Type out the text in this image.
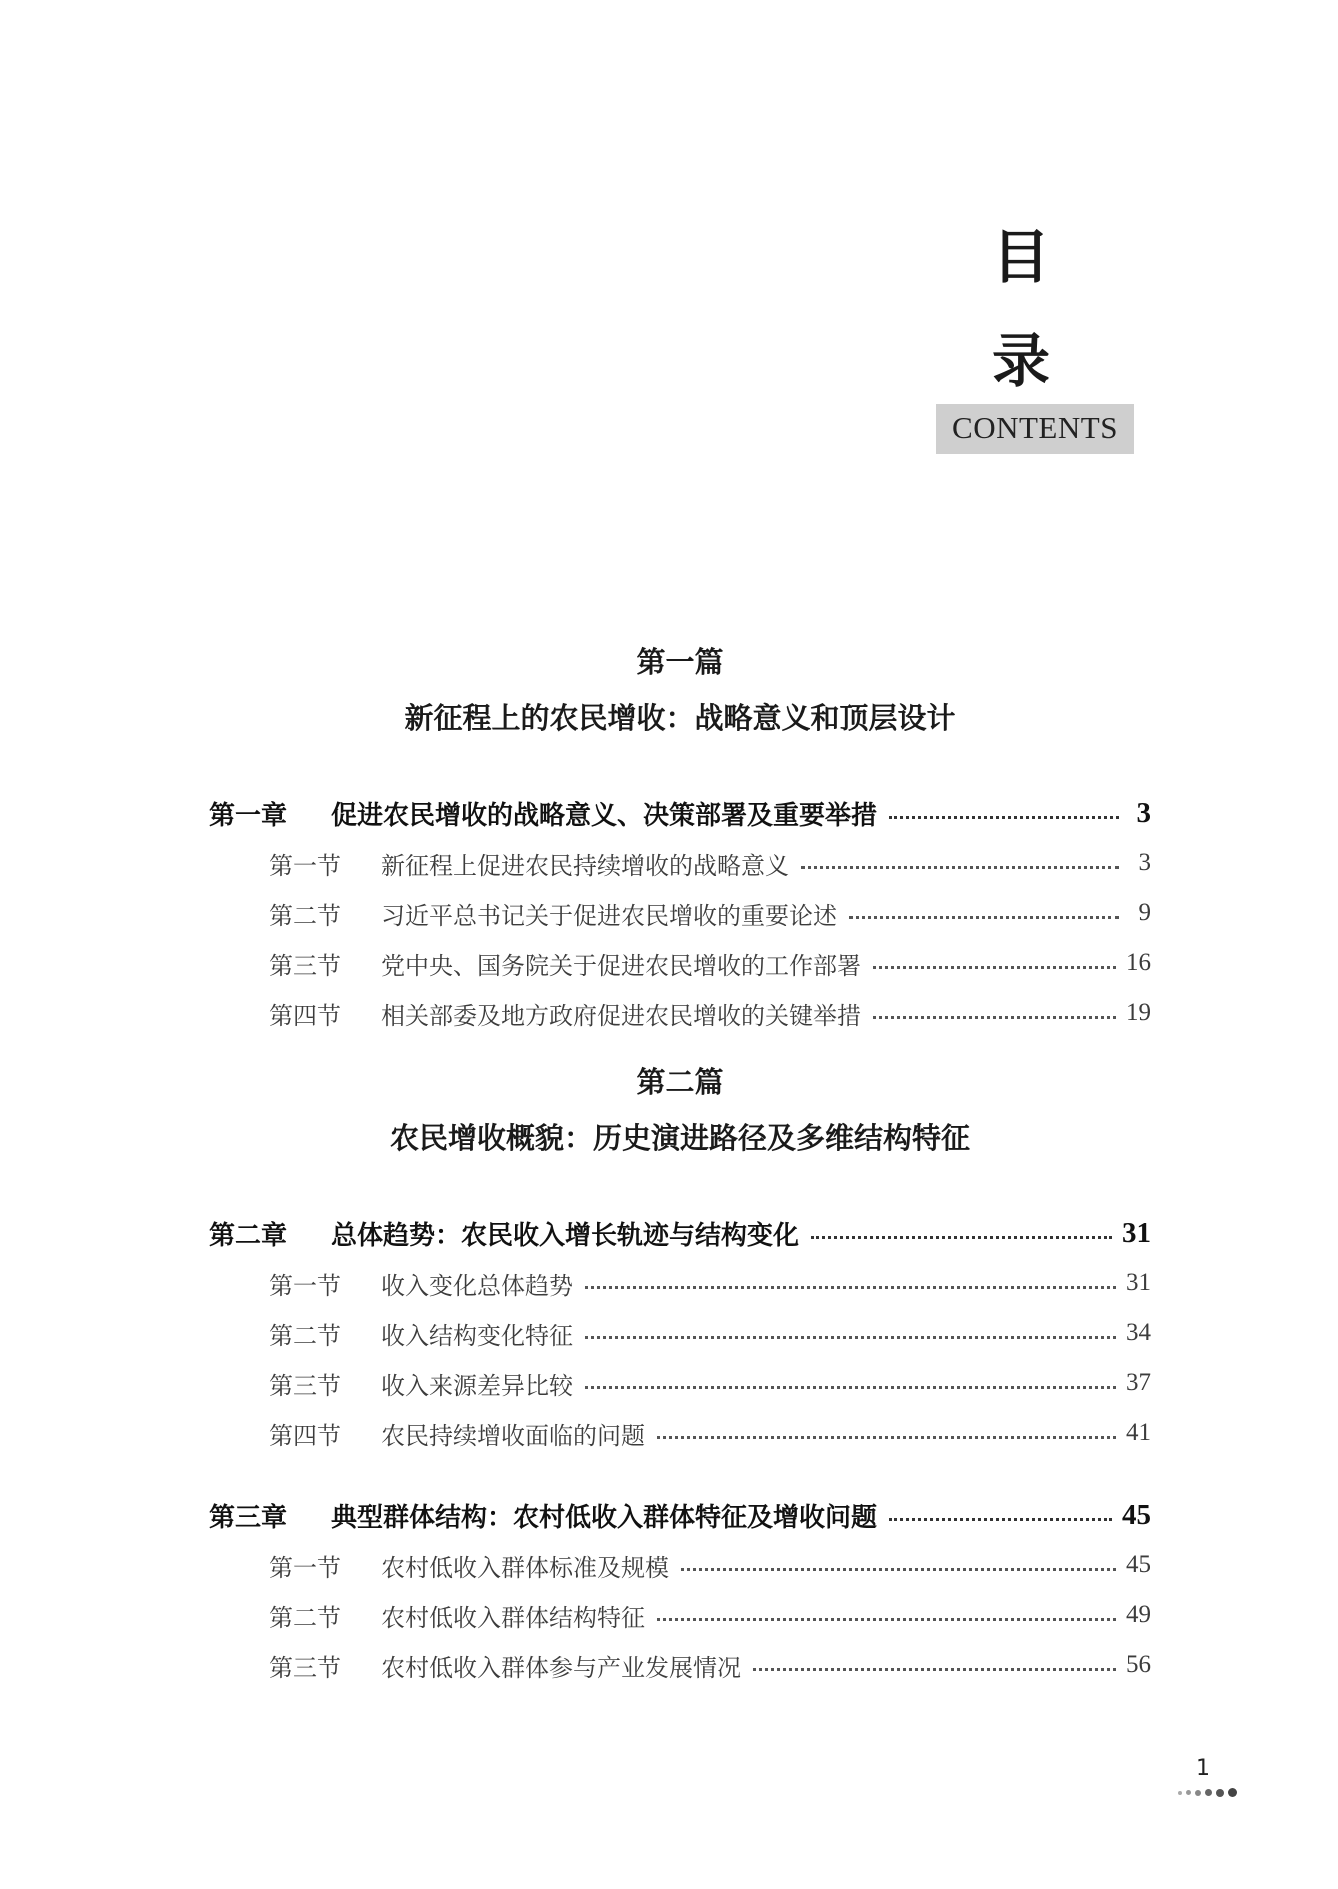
目
录
CONTENTS
第一篇
新征程上的农民增收：战略意义和顶层设计
第一章	促进农民增收的战略意义、决策部署及重要举措	3
第一节	新征程上促进农民持续增收的战略意义	3
第二节	习近平总书记关于促进农民增收的重要论述	9
第三节	党中央、国务院关于促进农民增收的工作部署	16
第四节	相关部委及地方政府促进农民增收的关键举措	19
第二篇
农民增收概貌：历史演进路径及多维结构特征
第二章	总体趋势：农民收入增长轨迹与结构变化	31
第一节	收入变化总体趋势	31
第二节	收入结构变化特征	34
第三节	收入来源差异比较	37
第四节	农民持续增收面临的问题	41
第三章	典型群体结构：农村低收入群体特征及增收问题	45
第一节	农村低收入群体标准及规模	45
第二节	农村低收入群体结构特征	49
第三节	农村低收入群体参与产业发展情况	56
1
